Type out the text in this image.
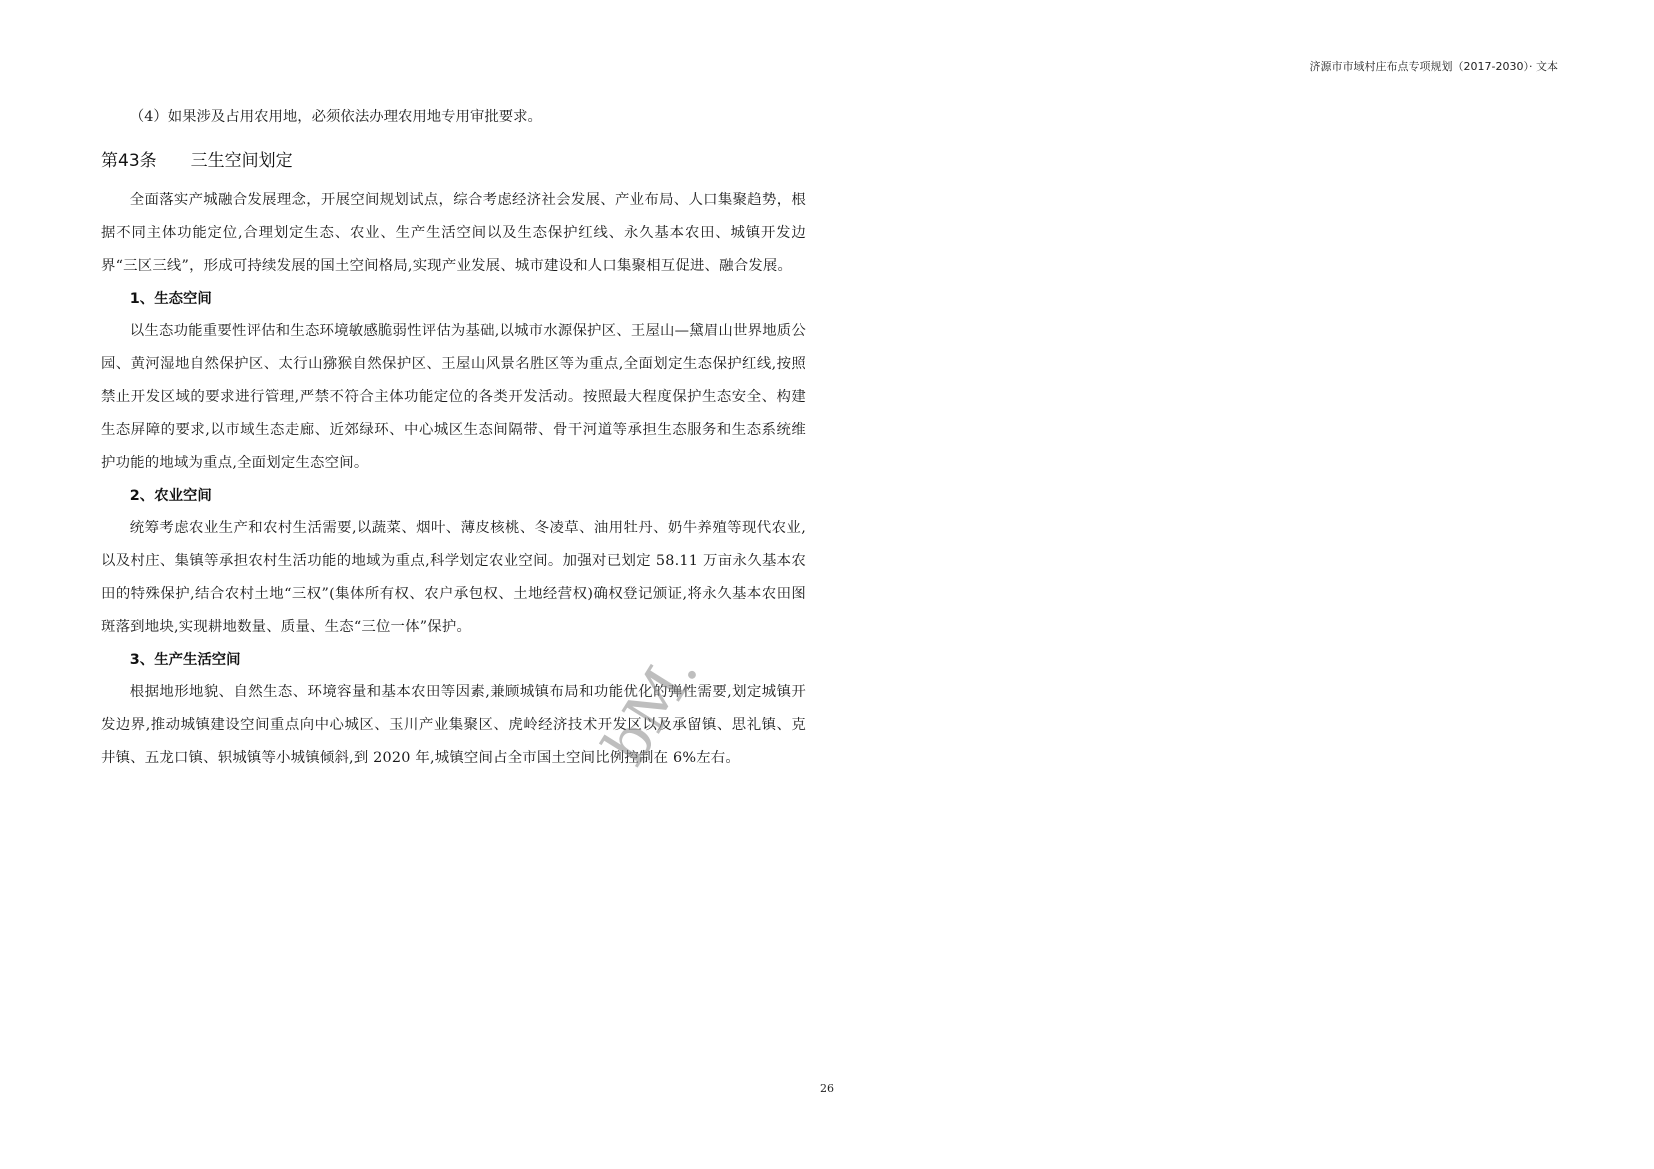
济源市市域村庄布点专项规划（2017-2030）· 文本

（4）如果涉及占用农用地，必须依法办理农用地专用审批要求。

第43条 三生空间划定

全面落实产城融合发展理念，开展空间规划试点，综合考虑经济社会发展、产业布局、人口集聚趋势，根据不同主体功能定位,合理划定生态、农业、生产生活空间以及生态保护红线、永久基本农田、城镇开发边界“三区三线”，形成可持续发展的国土空间格局,实现产业发展、城市建设和人口集聚相互促进、融合发展。

1、生态空间

以生态功能重要性评估和生态环境敏感脆弱性评估为基础,以城市水源保护区、王屋山—黛眉山世界地质公园、黄河湿地自然保护区、太行山猕猴自然保护区、王屋山风景名胜区等为重点,全面划定生态保护红线,按照禁止开发区域的要求进行管理,严禁不符合主体功能定位的各类开发活动。按照最大程度保护生态安全、构建生态屏障的要求,以市域生态走廊、近郊绿环、中心城区生态间隔带、骨干河道等承担生态服务和生态系统维护功能的地域为重点,全面划定生态空间。

2、农业空间

统筹考虑农业生产和农村生活需要,以蔬菜、烟叶、薄皮核桃、冬凌草、油用牡丹、奶牛养殖等现代农业,以及村庄、集镇等承担农村生活功能的地域为重点,科学划定农业空间。加强对已划定 58.11 万亩永久基本农田的特殊保护,结合农村土地“三权”(集体所有权、农户承包权、土地经营权)确权登记颁证,将永久基本农田图斑落到地块,实现耕地数量、质量、生态“三位一体”保护。

3、生产生活空间

根据地形地貌、自然生态、环境容量和基本农田等因素,兼顾城镇布局和功能优化的弹性需要,划定城镇开发边界,推动城镇建设空间重点向中心城区、玉川产业集聚区、虎岭经济技术开发区以及承留镇、思礼镇、克井镇、五龙口镇、轵城镇等小城镇倾斜,到 2020 年,城镇空间占全市国土空间比例控制在 6%左右。

bM.
26
